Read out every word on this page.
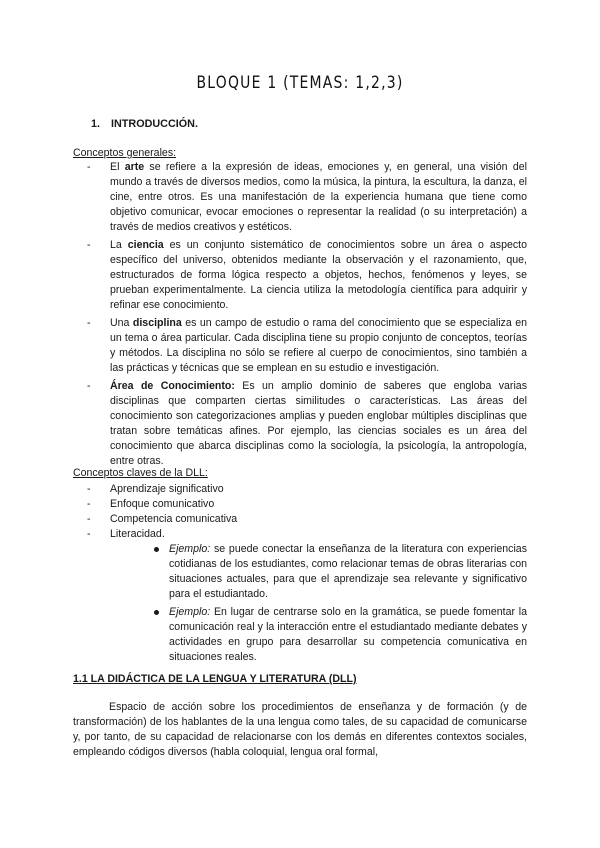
BLOQUE 1 (TEMAS: 1,2,3)
1. INTRODUCCIÓN.
Conceptos generales:
- El arte se refiere a la expresión de ideas, emociones y, en general, una visión del mundo a través de diversos medios, como la música, la pintura, la escultura, la danza, el cine, entre otros. Es una manifestación de la experiencia humana que tiene como objetivo comunicar, evocar emociones o representar la realidad (o su interpretación) a través de medios creativos y estéticos.
- La ciencia es un conjunto sistemático de conocimientos sobre un área o aspecto específico del universo, obtenidos mediante la observación y el razonamiento, que, estructurados de forma lógica respecto a objetos, hechos, fenómenos y leyes, se prueban experimentalmente. La ciencia utiliza la metodología científica para adquirir y refinar ese conocimiento.
- Una disciplina es un campo de estudio o rama del conocimiento que se especializa en un tema o área particular. Cada disciplina tiene su propio conjunto de conceptos, teorías y métodos. La disciplina no sólo se refiere al cuerpo de conocimientos, sino también a las prácticas y técnicas que se emplean en su estudio e investigación.
- Área de Conocimiento: Es un amplio dominio de saberes que engloba varias disciplinas que comparten ciertas similitudes o características. Las áreas del conocimiento son categorizaciones amplias y pueden englobar múltiples disciplinas que tratan sobre temáticas afines. Por ejemplo, las ciencias sociales es un área del conocimiento que abarca disciplinas como la sociología, la psicología, la antropología, entre otras.
Conceptos claves de la DLL:
- Aprendizaje significativo
- Enfoque comunicativo
- Competencia comunicativa
- Literacidad.
Ejemplo: se puede conectar la enseñanza de la literatura con experiencias cotidianas de los estudiantes, como relacionar temas de obras literarias con situaciones actuales, para que el aprendizaje sea relevante y significativo para el estudiantado.
Ejemplo: En lugar de centrarse solo en la gramática, se puede fomentar la comunicación real y la interacción entre el estudiantado mediante debates y actividades en grupo para desarrollar su competencia comunicativa en situaciones reales.
1.1 LA DIDÁCTICA DE LA LENGUA Y LITERATURA (DLL)

Espacio de acción sobre los procedimientos de enseñanza y de formación (y de transformación) de los hablantes de la una lengua como tales, de su capacidad de comunicarse y, por tanto, de su capacidad de relacionarse con los demás en diferentes contextos sociales, empleando códigos diversos (habla coloquial, lengua oral formal,
